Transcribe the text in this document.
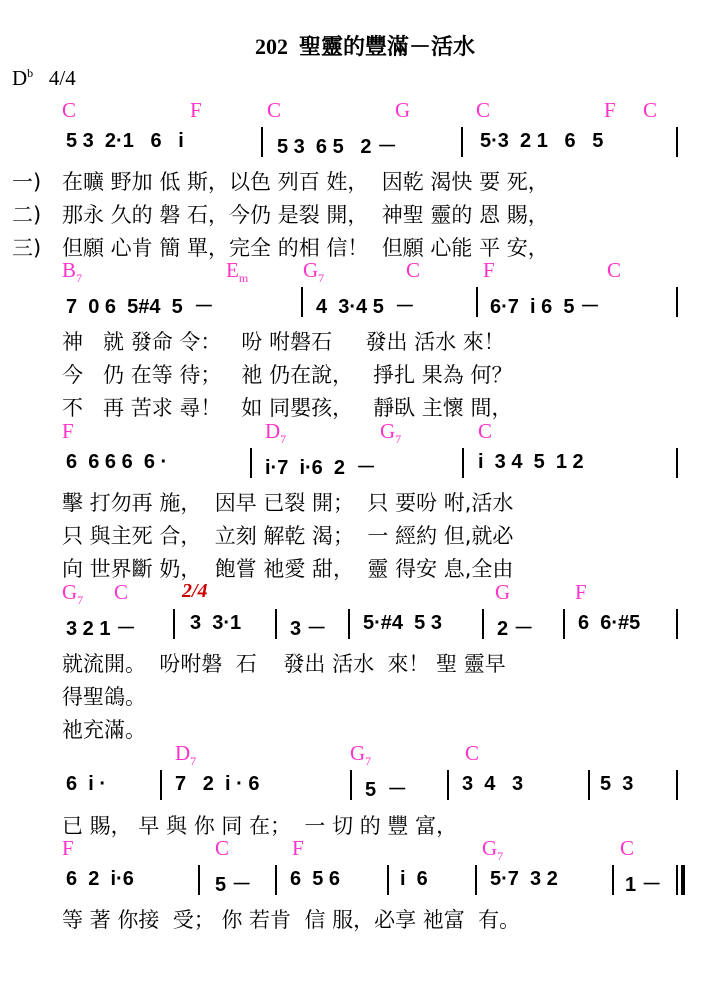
202  聖靈的豐滿－活水
$D^b$ 4/4
C	F	C	G	C	F C
5 3  2·1   6   i	5 3  6 5   2 －	5·3  2 1   6   5
一) 在曠 野加 低 斯，以色 列百 姓，  因乾 渴快 要 死，
二) 那永 久的 磐 石，今仍 是裂 開，  神聖 靈的 恩 賜，
三) 但願 心肯 簡 單，完全 的相 信！  但願 心能 平 安，
$B_7$	$E_m$	$G_7$	C	F	C
7  0 6  5#4  5  －	4  3·4 5  －	6·7  i 6  5 －
神   就 發命 令：   吩 咐磐石     發出 活水 來！
今   仍 在等 待；   祂 仍在說，   掙扎 果為 何？
不   再 苦求 尋！   如 同嬰孩，   靜臥 主懷 間，
F	$D_7$	$G_7$	C
6  6 6 6  6 ·	i·7  i·6  2  －	i  3 4  5  1 2
擊 打勿再 施，  因早 已裂 開；  只 要吩 咐,活水
只 與主死 合，  立刻 解乾 渴；  一 經約 但,就必
向 世界斷 奶，  飽嘗 祂愛 甜，  靈 得安 息,全由
$G_7$ C	G	F
2/4
3 2 1 －	3  3·1 3 － 5·#4  5 3	2 － 6  6·#5
就流開。  吩咐磐  石    發出 活水  來！ 聖 靈早
得聖鴿。
祂充滿。
$D_7$	$G_7$	C
6  i ·	7   2  i · 6	5  －	3  4   3	5  3
已 賜， 早 與 你 同 在；  一 切 的 豐 富，
F	C	F	$G_7$	C
6  2  i·6	5 － 6  5 6	i  6	5·7  3 2	1 －
等 著 你接  受； 你 若肯  信 服，必享 祂富  有。
